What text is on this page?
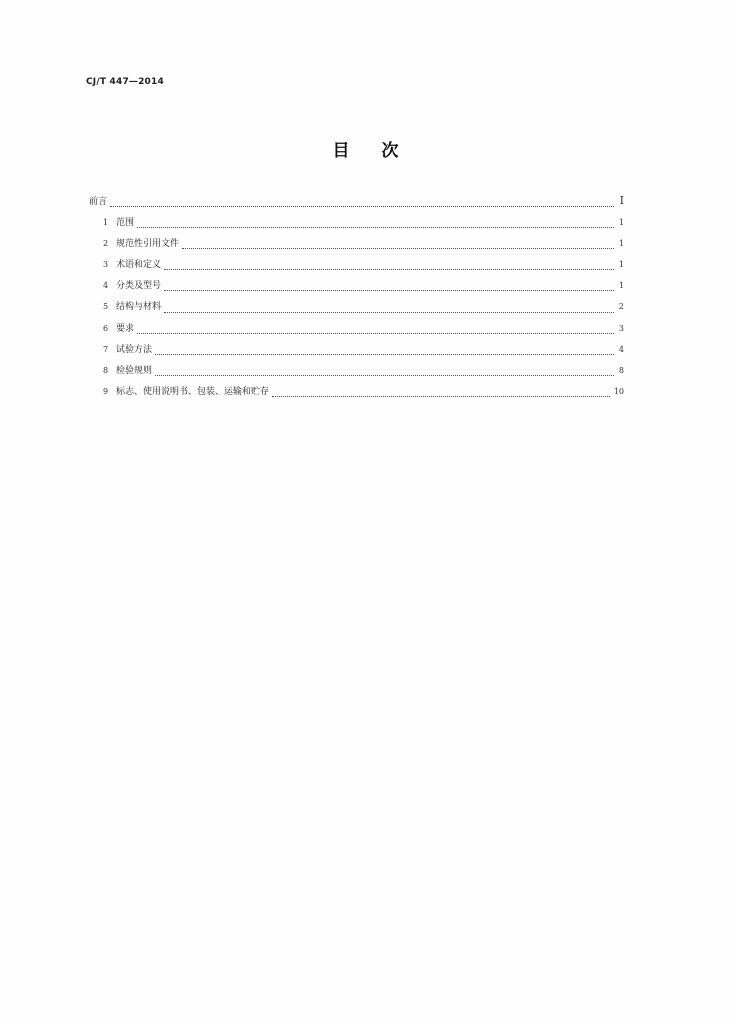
CJ/T 447—2014
目次
前言	Ⅰ
1 范围	1
2 规范性引用文件	1
3 术语和定义	1
4 分类及型号	1
5 结构与材料	2
6 要求	3
7 试验方法	4
8 检验规则	8
9 标志、使用说明书、包装、运输和贮存	10
